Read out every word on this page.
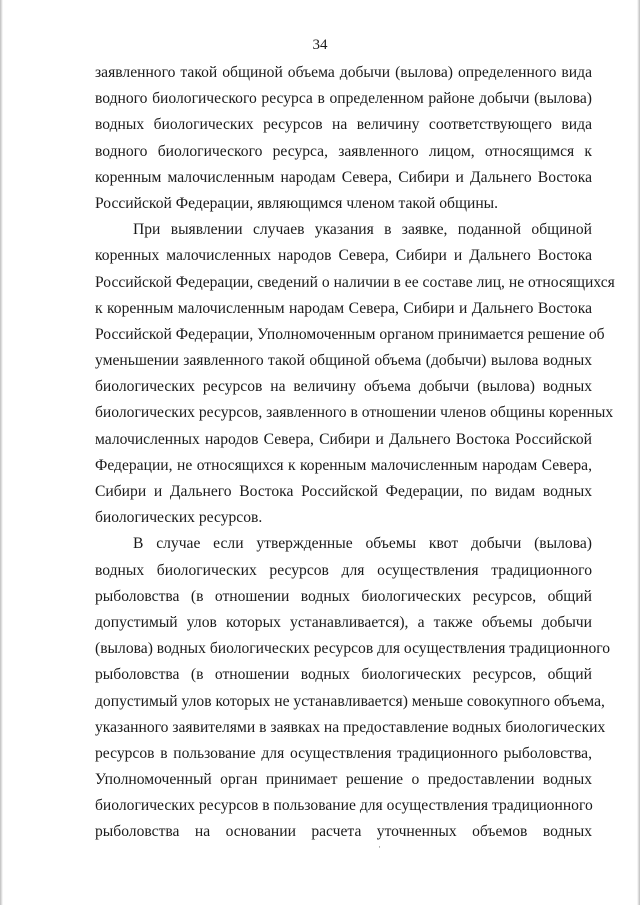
34
заявленного такой общиной объема добычи (вылова) определенного вида
водного биологического ресурса в определенном районе добычи (вылова)
водных биологических ресурсов на величину соответствующего вида
водного биологического ресурса, заявленного лицом, относящимся к
коренным малочисленным народам Севера, Сибири и Дальнего Востока
Российской Федерации, являющимся членом такой общины.
При выявлении случаев указания в заявке, поданной общиной
коренных малочисленных народов Севера, Сибири и Дальнего Востока
Российской Федерации, сведений о наличии в ее составе лиц, не относящихся
к коренным малочисленным народам Севера, Сибири и Дальнего Востока
Российской Федерации, Уполномоченным органом принимается решение об
уменьшении заявленного такой общиной объема (добычи) вылова водных
биологических ресурсов на величину объема добычи (вылова) водных
биологических ресурсов, заявленного в отношении членов общины коренных
малочисленных народов Севера, Сибири и Дальнего Востока Российской
Федерации, не относящихся к коренным малочисленным народам Севера,
Сибири и Дальнего Востока Российской Федерации, по видам водных
биологических ресурсов.
В случае если утвержденные объемы квот добычи (вылова)
водных биологических ресурсов для осуществления традиционного
рыболовства (в отношении водных биологических ресурсов, общий
допустимый улов которых устанавливается), а также объемы добычи
(вылова) водных биологических ресурсов для осуществления традиционного
рыболовства (в отношении водных биологических ресурсов, общий
допустимый улов которых не устанавливается) меньше совокупного объема,
указанного заявителями в заявках на предоставление водных биологических
ресурсов в пользование для осуществления традиционного рыболовства,
Уполномоченный орган принимает решение о предоставлении водных
биологических ресурсов в пользование для осуществления традиционного
рыболовства на основании расчета уточненных объемов водных
·
